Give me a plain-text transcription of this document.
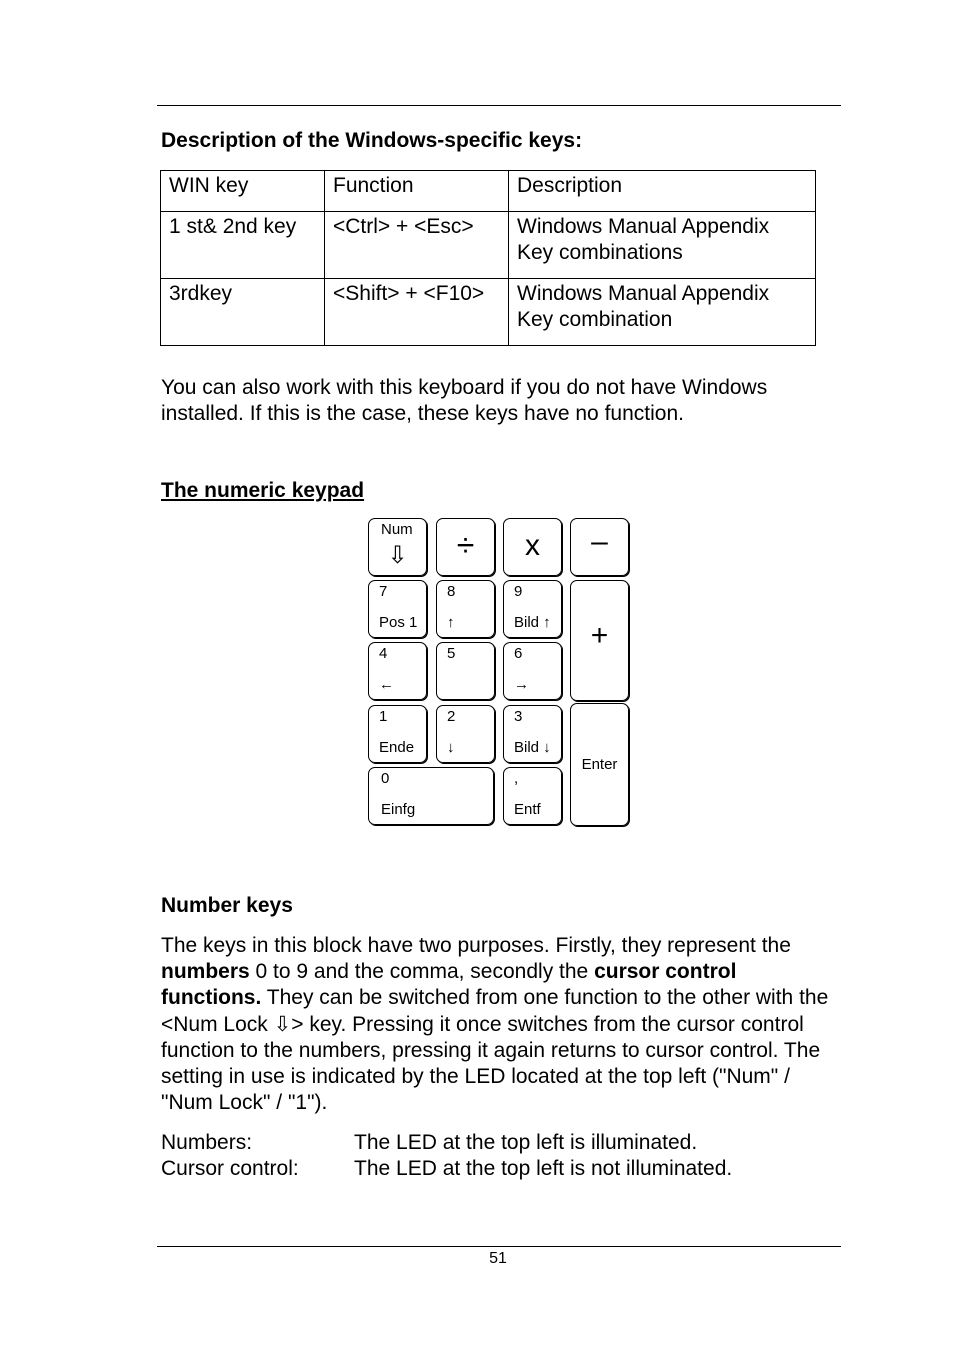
Description of the Windows-specific keys:
WIN key	Function	Description
1 st& 2nd key	<Ctrl> + <Esc>	Windows Manual Appendix Key combinations
3rdkey	<Shift> + <F10>	Windows Manual Appendix Key combination

You can also work with this keyboard if you do not have Windows installed. If this is the case, these keys have no function.

The numeric keypad
Num
⇩	÷	x	–
7
Pos 1
8
↑
9
Bild ↑	+
4
←
5	6
→
1
Ende
2
↓
3
Bild ↓
Enter
0
Einfg
,
Entf
Number keys

The keys in this block have two purposes. Firstly, they represent the numbers 0 to 9 and the comma, secondly the cursor control functions. They can be switched from one function to the other with the <Num Lock ⇩> key. Pressing it once switches from the cursor control function to the numbers, pressing it again returns to cursor control. The setting in use is indicated by the LED located at the top left ("Num" / "Num Lock" / "1").

Numbers:	The LED at the top left is illuminated.
Cursor control:	The LED at the top left is not illuminated.
51
